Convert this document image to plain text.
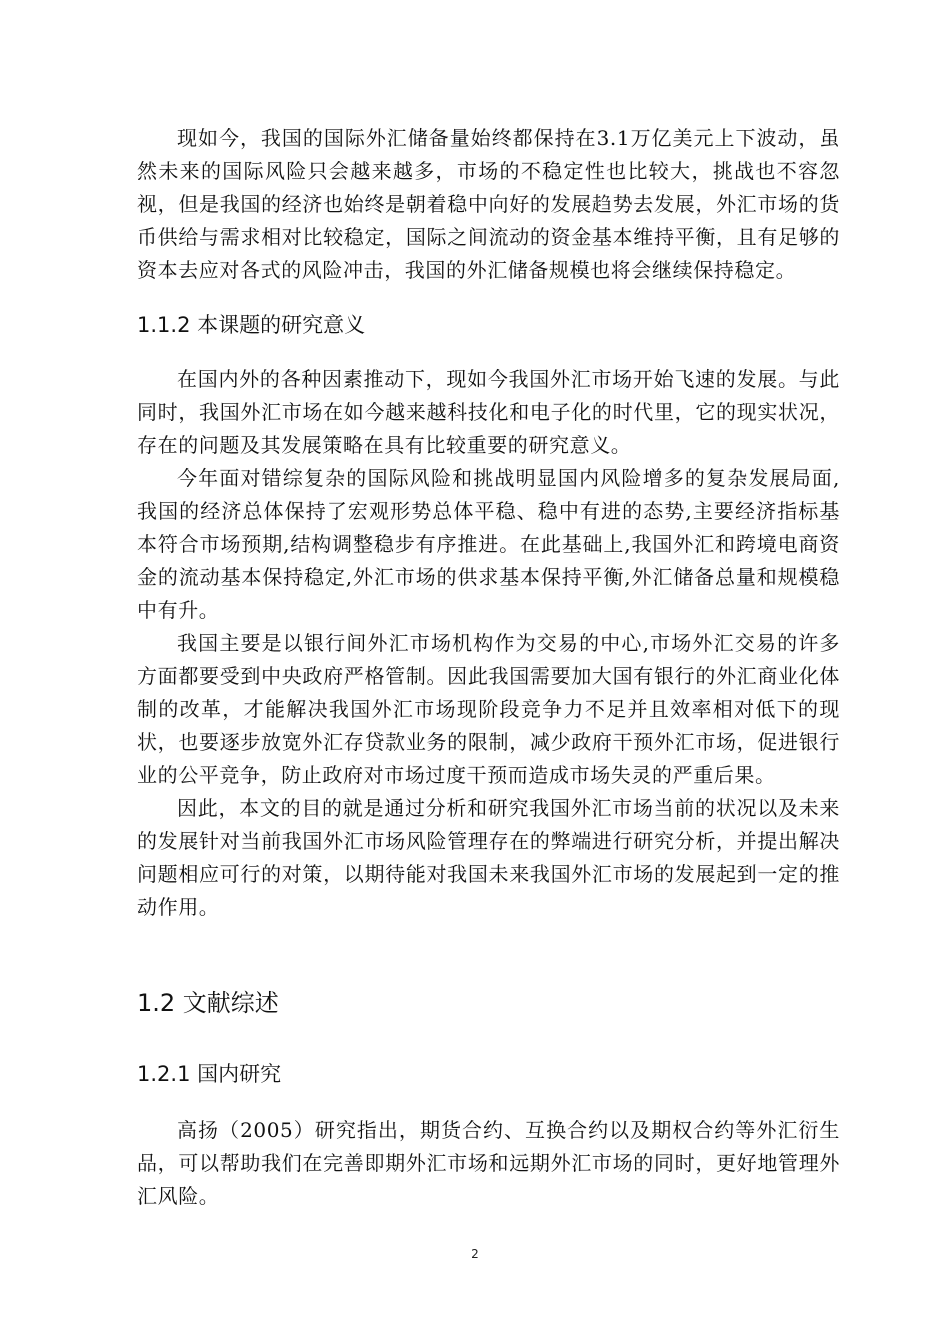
现如今，我国的国际外汇储备量始终都保持在3.1万亿美元上下波动，虽然未来的国际风险只会越来越多，市场的不稳定性也比较大，挑战也不容忽视，但是我国的经济也始终是朝着稳中向好的发展趋势去发展，外汇市场的货币供给与需求相对比较稳定，国际之间流动的资金基本维持平衡，且有足够的资本去应对各式的风险冲击，我国的外汇储备规模也将会继续保持稳定。

1.1.2 本课题的研究意义

在国内外的各种因素推动下，现如今我国外汇市场开始飞速的发展。与此同时，我国外汇市场在如今越来越科技化和电子化的时代里，它的现实状况，存在的问题及其发展策略在具有比较重要的研究意义。

今年面对错综复杂的国际风险和挑战明显国内风险增多的复杂发展局面,我国的经济总体保持了宏观形势总体平稳、稳中有进的态势,主要经济指标基本符合市场预期,结构调整稳步有序推进。在此基础上,我国外汇和跨境电商资金的流动基本保持稳定,外汇市场的供求基本保持平衡,外汇储备总量和规模稳中有升。

我国主要是以银行间外汇市场机构作为交易的中心,市场外汇交易的许多方面都要受到中央政府严格管制。因此我国需要加大国有银行的外汇商业化体制的改革，才能解决我国外汇市场现阶段竞争力不足并且效率相对低下的现状，也要逐步放宽外汇存贷款业务的限制，减少政府干预外汇市场，促进银行业的公平竞争，防止政府对市场过度干预而造成市场失灵的严重后果。

因此，本文的目的就是通过分析和研究我国外汇市场当前的状况以及未来的发展针对当前我国外汇市场风险管理存在的弊端进行研究分析，并提出解决问题相应可行的对策，以期待能对我国未来我国外汇市场的发展起到一定的推动作用。

1.2 文献综述
1.2.1 国内研究

高扬（2005）研究指出，期货合约、互换合约以及期权合约等外汇衍生品，可以帮助我们在完善即期外汇市场和远期外汇市场的同时，更好地管理外汇风险。

2
